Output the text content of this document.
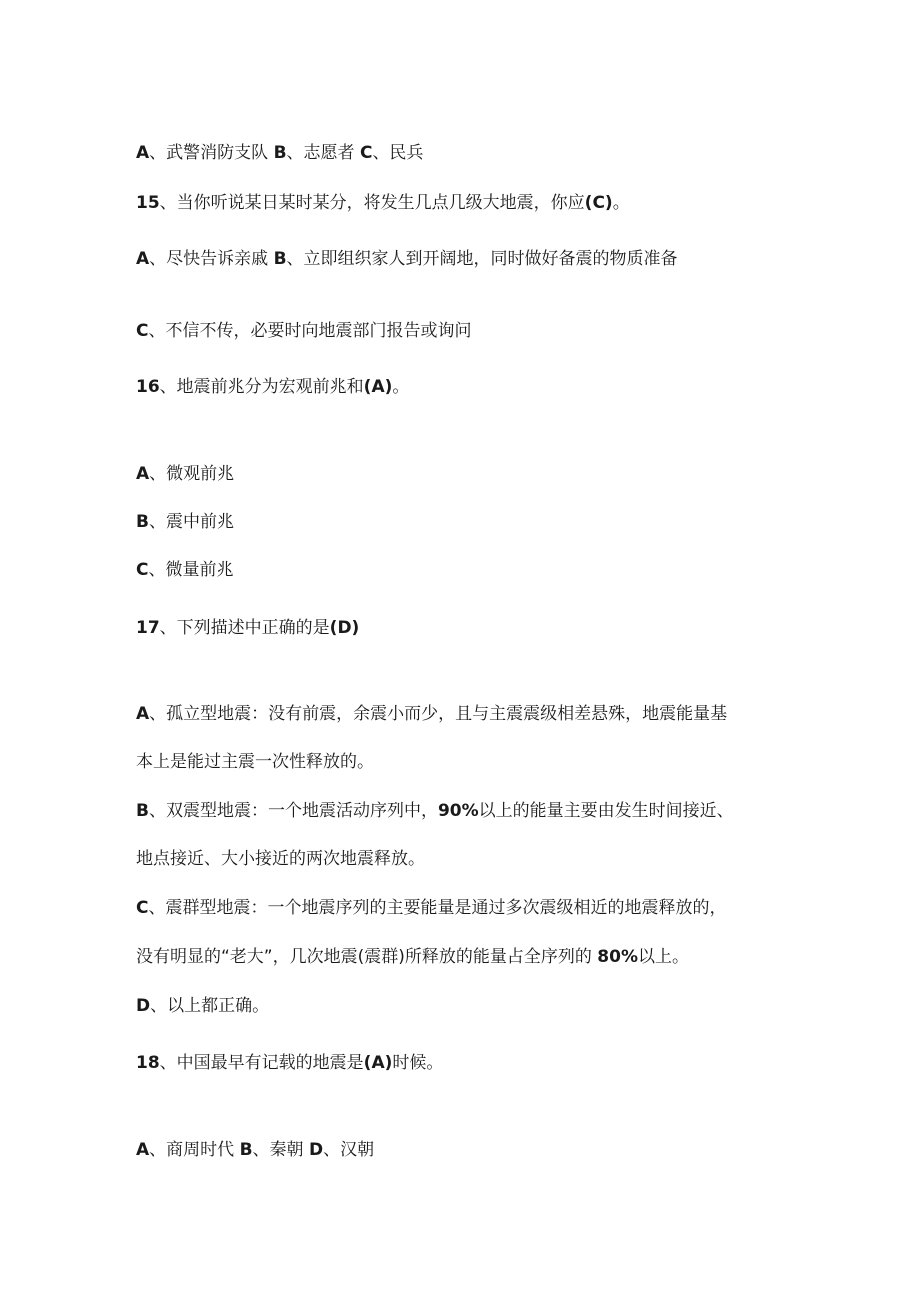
A、武警消防支队 B、志愿者 C、民兵

15、当你听说某日某时某分，将发生几点几级大地震，你应(C)。

A、尽快告诉亲戚 B、立即组织家人到开阔地，同时做好备震的物质准备

C、不信不传，必要时向地震部门报告或询问

16、地震前兆分为宏观前兆和(A)。

A、微观前兆

B、震中前兆

C、微量前兆

17、下列描述中正确的是(D)

A、孤立型地震：没有前震，余震小而少，且与主震震级相差悬殊，地震能量基

本上是能过主震一次性释放的。

B、双震型地震：一个地震活动序列中，90%以上的能量主要由发生时间接近、

地点接近、大小接近的两次地震释放。

C、震群型地震：一个地震序列的主要能量是通过多次震级相近的地震释放的，

没有明显的“老大”，几次地震(震群)所释放的能量占全序列的 80%以上。

D、以上都正确。

18、中国最早有记载的地震是(A)时候。

A、商周时代 B、秦朝 D、汉朝
